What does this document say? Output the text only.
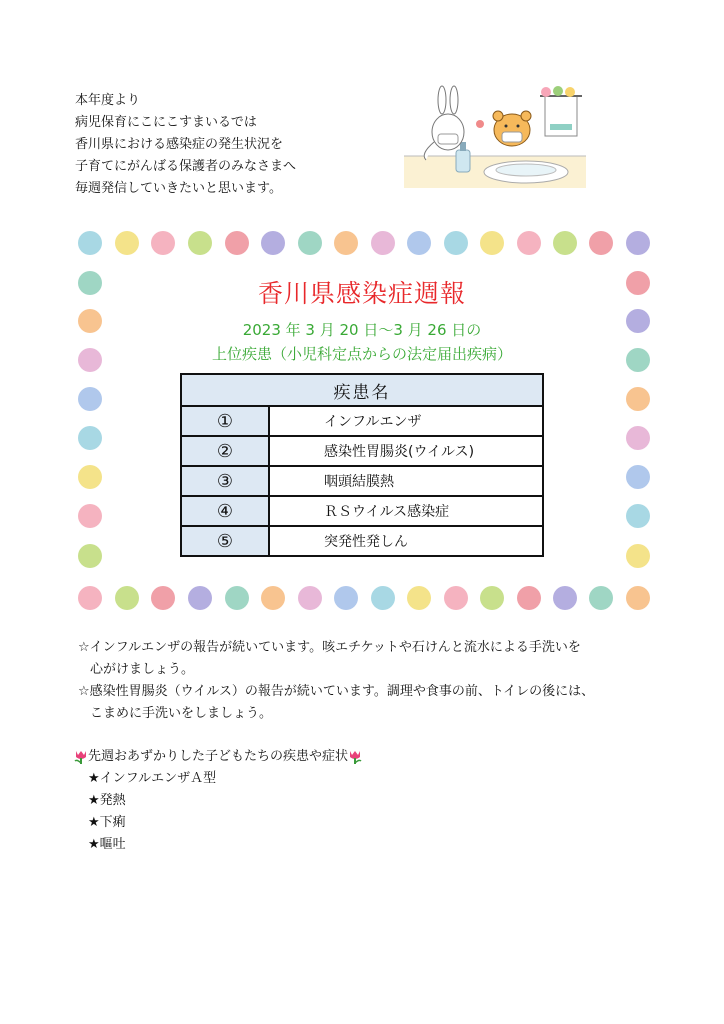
本年度より
病児保育にこにこすまいるでは
香川県における感染症の発生状況を
子育てにがんばる保護者のみなさまへ
毎週発信していきたいと思います。
香川県感染症週報
2023 年 3 月 20 日～3 月 26 日の
上位疾患（小児科定点からの法定届出疾病）
疾患名	
①	インフルエンザ
②	感染性胃腸炎(ウイルス)
③	咽頭結膜熱
④	ＲＳウイルス感染症
⑤	突発性発しん
☆インフルエンザの報告が続いています。咳エチケットや石けんと流水による手洗いを
心がけましょう。
☆感染性胃腸炎（ウイルス）の報告が続いています。調理や食事の前、トイレの後には、
こまめに手洗いをしましょう。
先週おあずかりした子どもたちの疾患や症状
★インフルエンザＡ型
★発熱
★下痢
★嘔吐
